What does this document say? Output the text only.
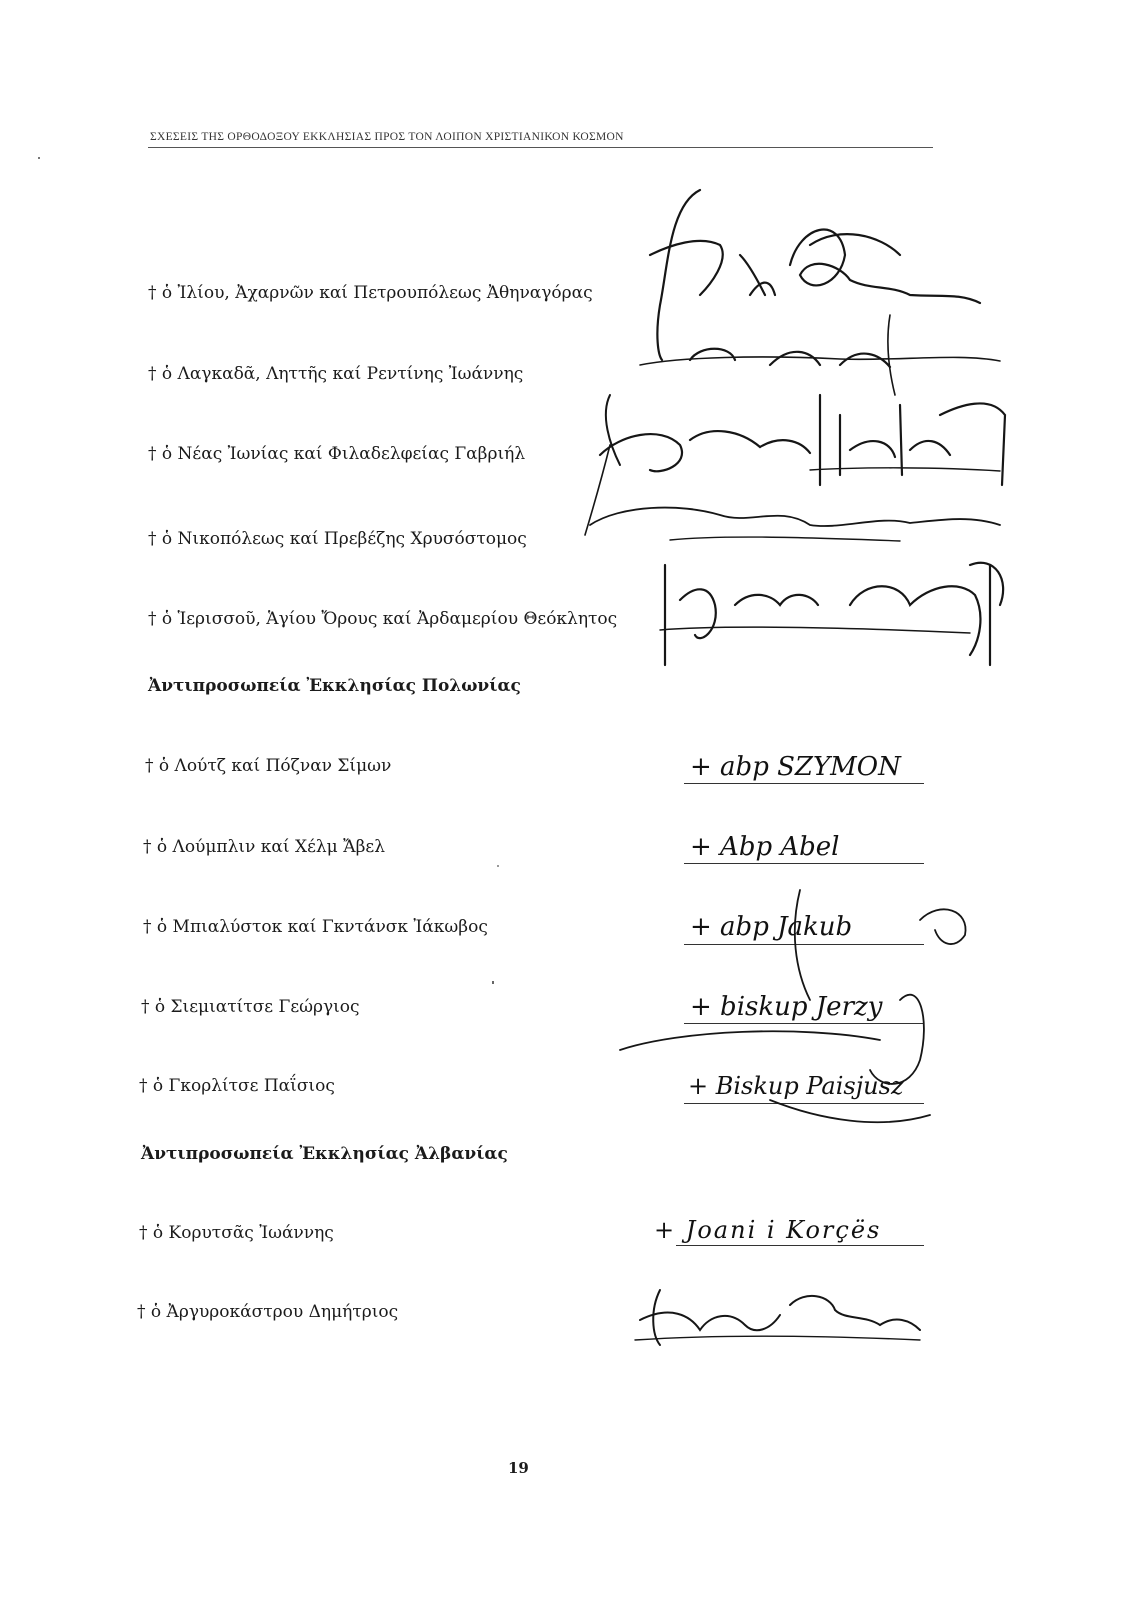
ΣΧΕΣΕΙΣ ΤΗΣ ΟΡΘΟΔΟΞΟΥ ΕΚΚΛΗΣΙΑΣ ΠΡΟΣ ΤΟΝ ΛΟΙΠΟΝ ΧΡΙΣΤΙΑΝΙΚΟΝ ΚΟΣΜΟΝ
† ὁ Ἰλίου, Ἀχαρνῶν καί Πετρουπόλεως Ἀθηναγόρας
† ὁ Λαγκαδᾶ, Ληττῆς καί Ρεντίνης Ἰωάννης
† ὁ Νέας Ἰωνίας καί Φιλαδελφείας Γαβριήλ
† ὁ Νικοπόλεως καί Πρεβέζης Χρυσόστομος
† ὁ Ἱερισσοῦ, Ἁγίου Ὄρους καί Ἀρδαμερίου Θεόκλητος
Ἀντιπροσωπεία Ἐκκλησίας Πολωνίας
† ὁ Λούτζ καί Πόζναν Σίμων
† ὁ Λούμπλιν καί Χέλμ Ἄβελ
† ὁ Μπιαλύστοκ καί Γκντάνσκ Ἰάκωβος
† ὁ Σιεμιατίτσε Γεώργιος
† ὁ Γκορλίτσε Παΐσιος
+ abp SZYMON
+ Abp Abel
+ abp Jakub
+ biskup Jerzy
+ Biskup Paisjusz
Ἀντιπροσωπεία Ἐκκλησίας Ἀλβανίας
† ὁ Κορυτσᾶς Ἰωάννης
† ὁ Ἀργυροκάστρου Δημήτριος
+ Joani i Korçës
19
